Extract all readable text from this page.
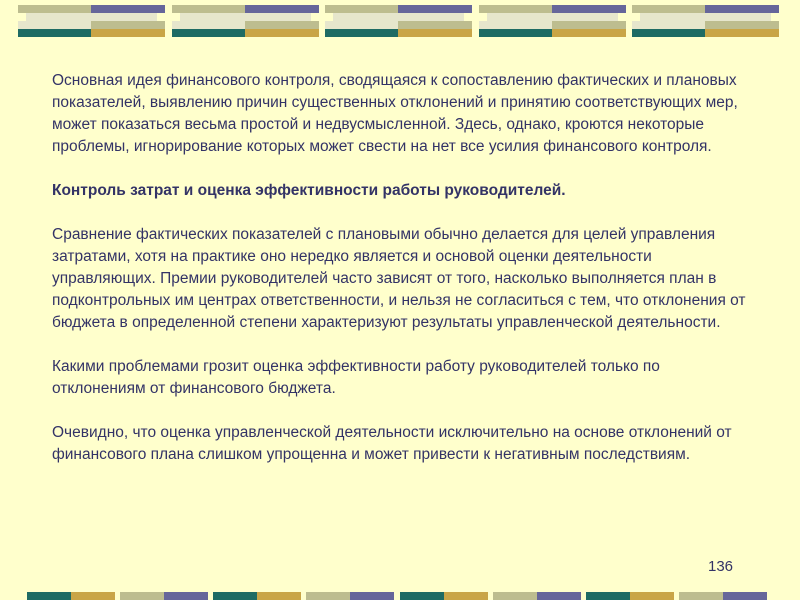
Основная идея финансового контроля, сводящаяся к сопоставлению фактических и плановых показателей, выявлению причин существенных отклонений и принятию соответствующих мер, может показаться весьма простой и недвусмысленной. Здесь, однако, кроются некоторые проблемы, игнорирование которых может свести на нет все усилия финансового контроля.

Контроль затрат и оценка эффективности работы руководителей.

Сравнение фактических показателей с плановыми обычно делается для целей управления затратами, хотя на практике оно нередко является и основой оценки деятельности управляющих. Премии руководителей часто зависят от того, насколько выполняется план в подконтрольных им центрах ответственности, и нельзя не согласиться с тем, что отклонения от бюджета в определенной степени характеризуют результаты управленческой деятельности.

Какими проблемами грозит оценка эффективности работу руководителей только по отклонениям от финансового бюджета.

Очевидно, что оценка управленческой деятельности исключительно на основе отклонений от финансового плана слишком упрощенна и может привести к негативным последствиям.

136
